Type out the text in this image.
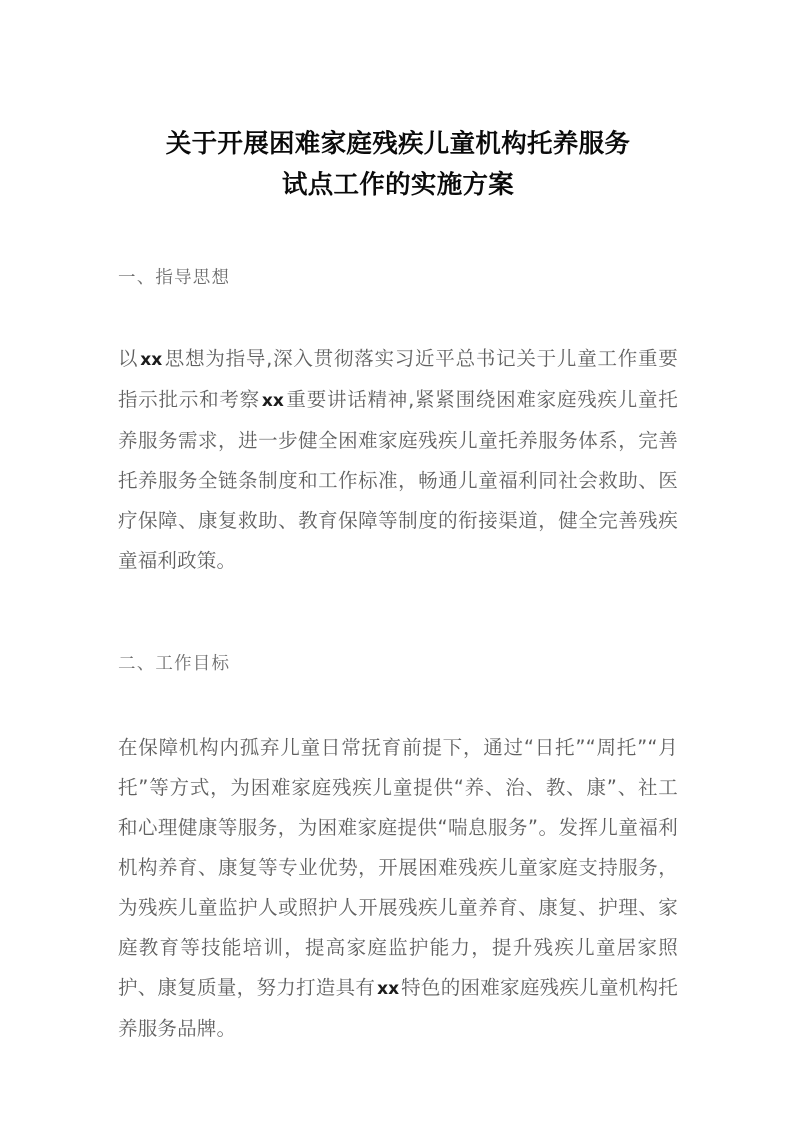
关于开展困难家庭残疾儿童机构托养服务
试点工作的实施方案
一、指导思想

以 xx 思想为指导,深入贯彻落实习近平总书记关于儿童工作重要指示批示和考察 xx 重要讲话精神,紧紧围绕困难家庭残疾儿童托养服务需求，进一步健全困难家庭残疾儿童托养服务体系，完善托养服务全链条制度和工作标准，畅通儿童福利同社会救助、医疗保障、康复救助、教育保障等制度的衔接渠道，健全完善残疾童福利政策。

二、工作目标

在保障机构内孤弃儿童日常抚育前提下，通过“日托”“周托”“月托”等方式，为困难家庭残疾儿童提供“养、治、教、康”、社工和心理健康等服务，为困难家庭提供“喘息服务”。发挥儿童福利机构养育、康复等专业优势，开展困难残疾儿童家庭支持服务，为残疾儿童监护人或照护人开展残疾儿童养育、康复、护理、家庭教育等技能培训，提高家庭监护能力，提升残疾儿童居家照护、康复质量，努力打造具有 xx 特色的困难家庭残疾儿童机构托养服务品牌。
